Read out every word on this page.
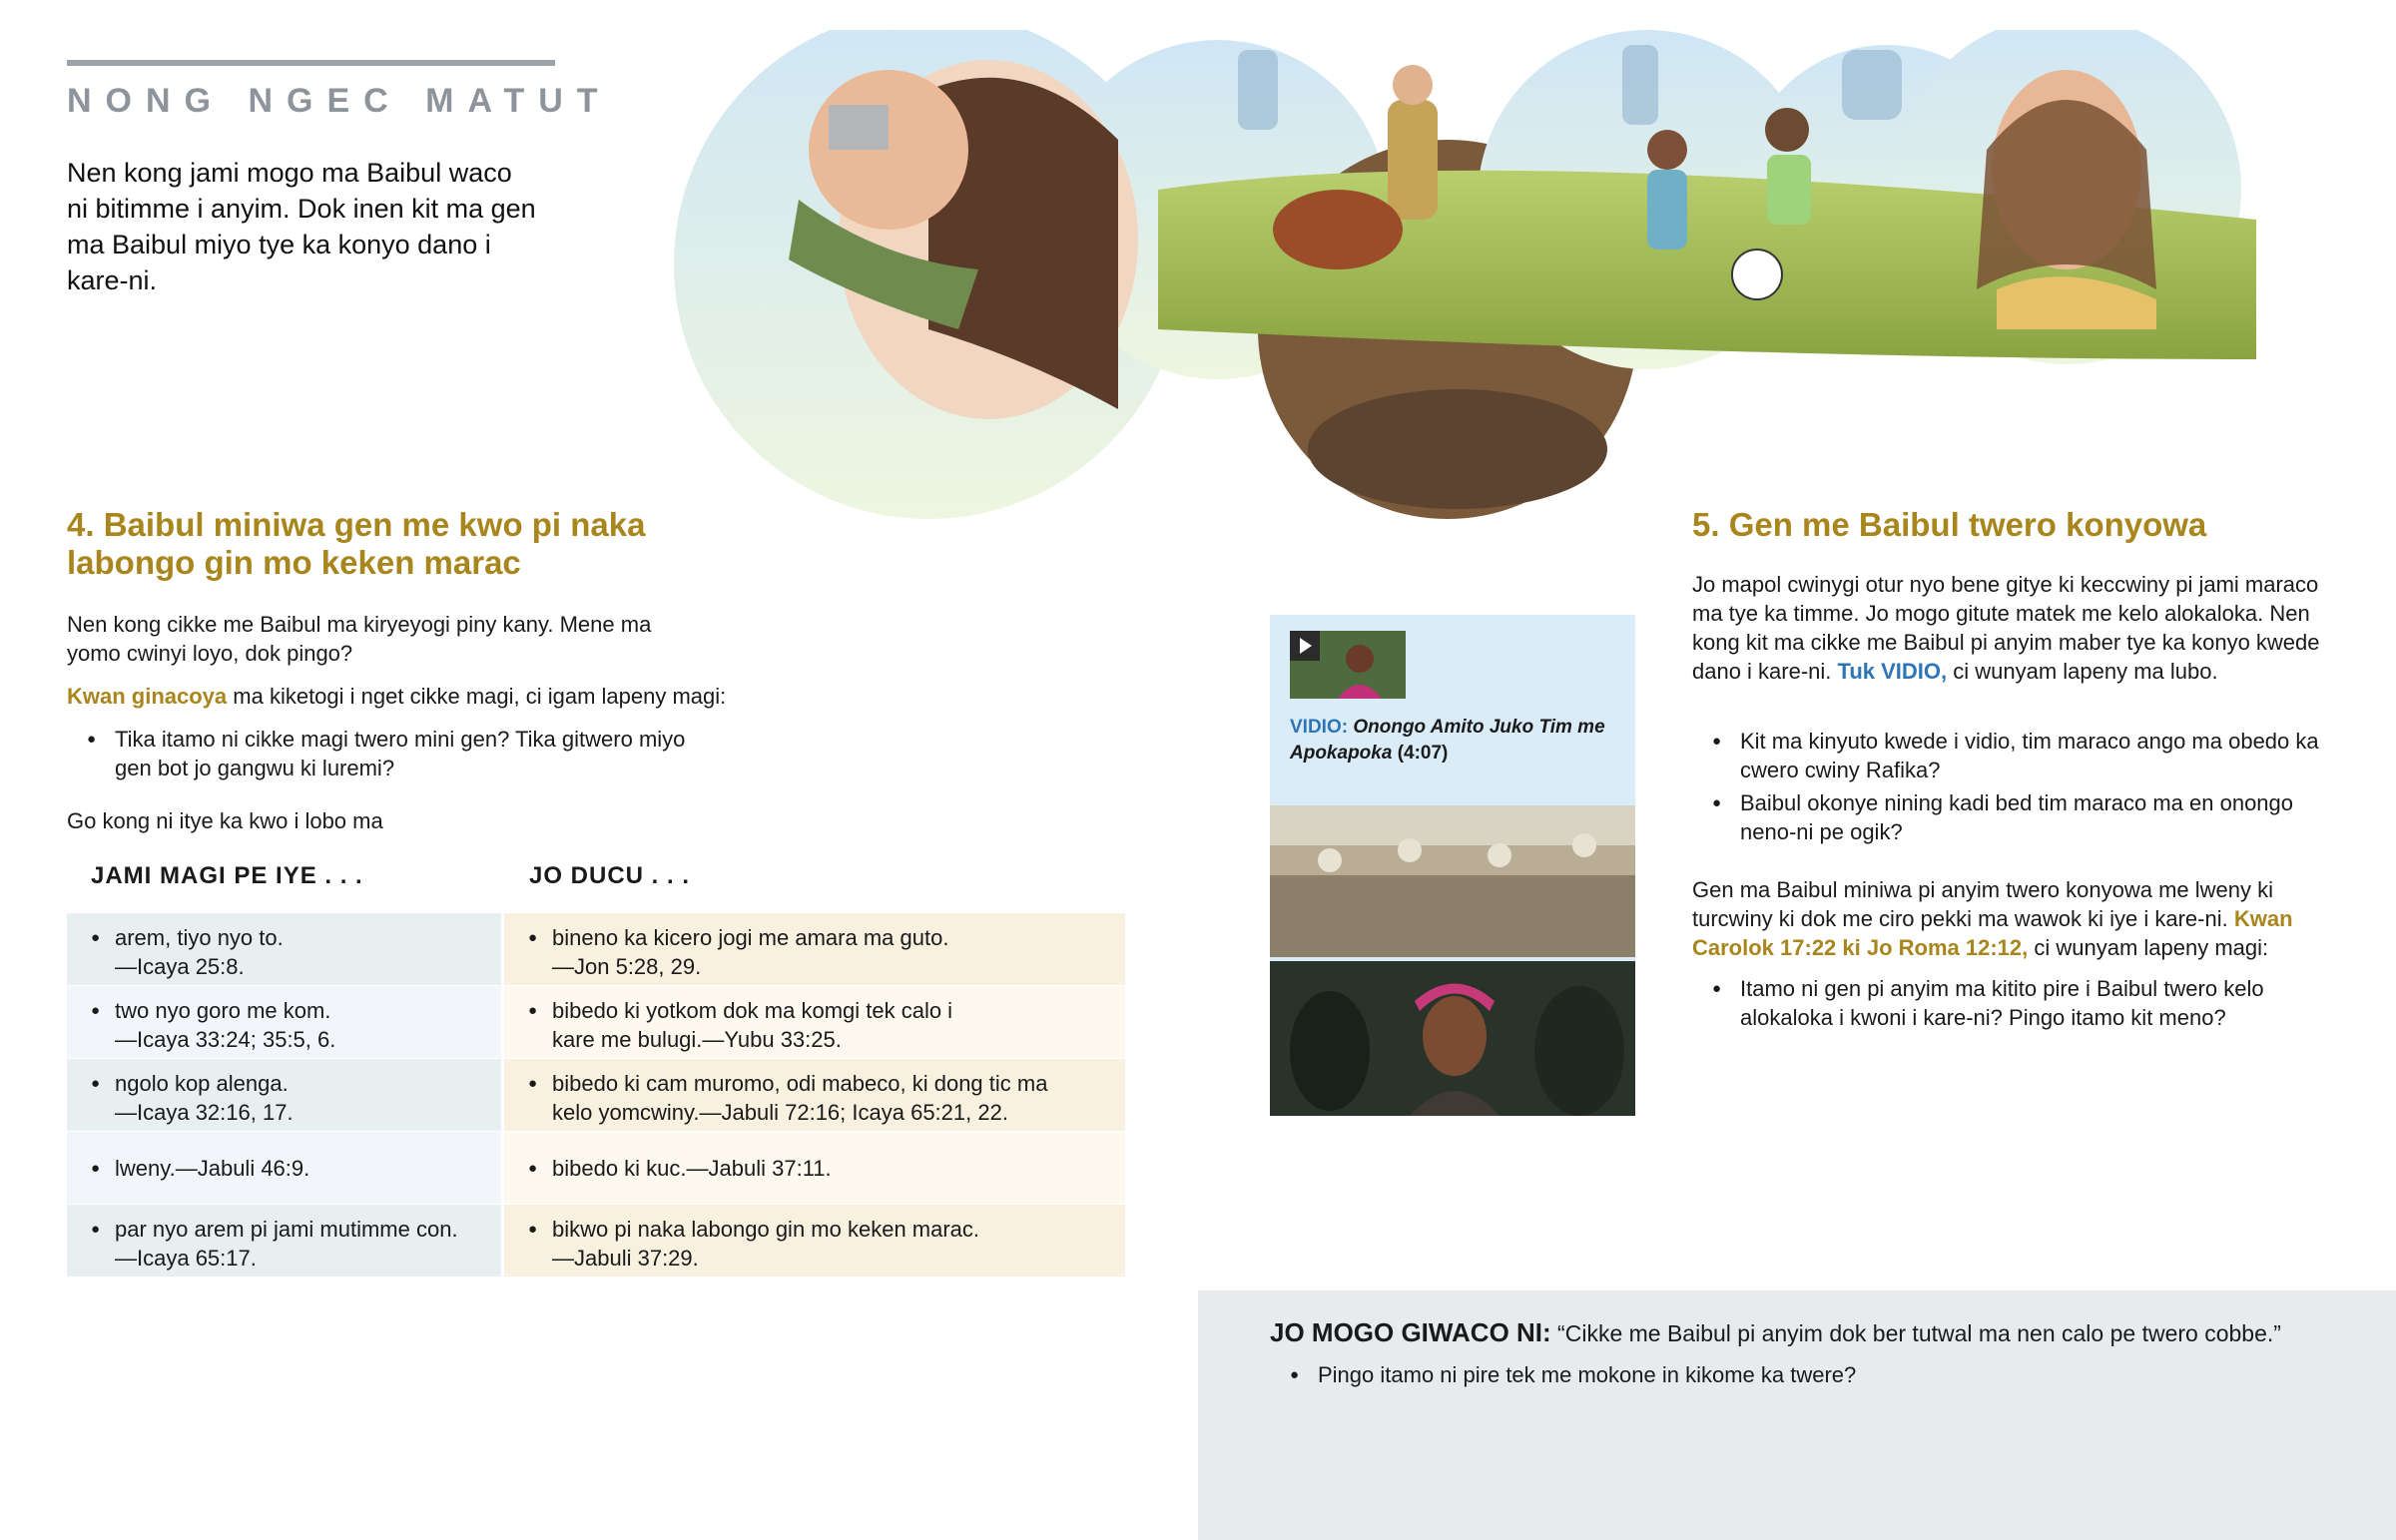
NONG NGEC MATUT
Nen kong jami mogo ma Baibul waco ni bitimme i anyim. Dok inen kit ma gen ma Baibul miyo tye ka konyo dano i kare-ni.
4. Baibul miniwa gen me kwo pi naka labongo gin mo keken marac
Nen kong cikke me Baibul ma kiryeyogi piny kany. Mene ma yomo cwinyi loyo, dok pingo?
Kwan ginacoya ma kiketogi i nget cikke magi, ci igam lapeny magi:
● Tika itamo ni cikke magi twero mini gen? Tika gitwero miyo gen bot jo gangwu ki luremi?
Go kong ni itye ka kwo i lobo ma
JAMI MAGI PE IYE . . .	JO DUCU . . .
● arem, tiyo nyo to.
—Icaya 25:8.
● bineno ka kicero jogi me amara ma guto.
—Jon 5:28, 29.
● two nyo goro me kom.
—Icaya 33:24; 35:5, 6.
● bibedo ki yotkom dok ma komgi tek calo i
kare me bulugi.—Yubu 33:25.
● ngolo kop alenga.
—Icaya 32:16, 17.
● bibedo ki cam muromo, odi mabeco, ki dong tic ma
kelo yomcwiny.—Jabuli 72:16; Icaya 65:21, 22.
● lweny.—Jabuli 46:9.
●	bibedo ki kuc.—Jabuli 37:11.
● par nyo arem pi jami mutimme con.
—Icaya 65:17.
● bikwo pi naka labongo gin mo keken marac.
—Jabuli 37:29.
VIDIO: Onongo Amito Juko Tim me Apokapoka (4:07)
5. Gen me Baibul twero konyowa
Jo mapol cwinygi otur nyo bene gitye ki keccwiny pi jami maraco ma tye ka timme. Jo mogo gitute matek me kelo alokaloka. Nen kong kit ma cikke me Baibul pi anyim maber tye ka konyo kwede dano i kare-ni. Tuk VIDIO, ci wunyam lapeny ma lubo.
● Kit ma kinyuto kwede i vidio, tim maraco ango ma obedo ka cwero cwiny Rafika?
● Baibul okonye nining kadi bed tim maraco ma en onongo neno-ni pe ogik?
Gen ma Baibul miniwa pi anyim twero konyowa me lweny ki turcwiny ki dok me ciro pekki ma wawok ki iye i kare-ni. Kwan Carolok 17:22 ki Jo Roma 12:12, ci wunyam lapeny magi:
● Itamo ni gen pi anyim ma kitito pire i Baibul twero kelo alokaloka i kwoni i kare-ni? Pingo itamo kit meno?
JO MOGO GIWACO NI: “Cikke me Baibul pi anyim dok ber tutwal ma nen calo pe twero cobbe.”
● Pingo itamo ni pire tek me mokone in kikome ka twere?
